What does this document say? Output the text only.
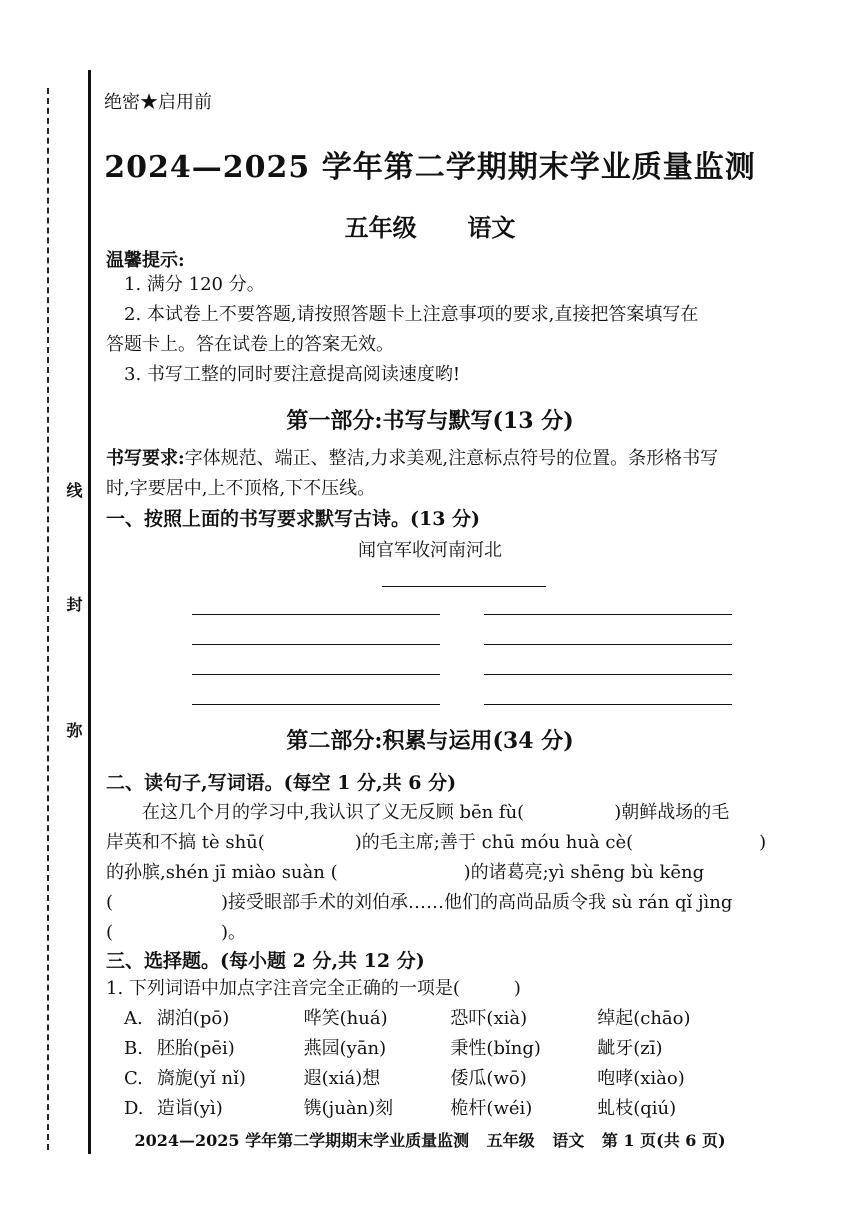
线
封
弥
绝密★启用前
2024—2025 学年第二学期期末学业质量监测
五年级 语文
温馨提示:
1. 满分 120 分。
2. 本试卷上不要答题,请按照答题卡上注意事项的要求,直接把答案填写在
答题卡上。答在试卷上的答案无效。
3. 书写工整的同时要注意提高阅读速度哟!
第一部分:书写与默写(13 分)
书写要求:字体规范、端正、整洁,力求美观,注意标点符号的位置。条形格书写
时,字要居中,上不顶格,下不压线。
一、按照上面的书写要求默写古诗。(13 分)
闻官军收河南河北
第二部分:积累与运用(34 分)
二、读句子,写词语。(每空 1 分,共 6 分)
在这几个月的学习中,我认识了义无反顾 bēn fù(　　　　　)朝鲜战场的毛
岸英和不搞 tè shū(　　　　　)的毛主席;善于 chū móu huà cè(　　　　　　　)
的孙膑,shén jī miào suàn (　　　　　　　)的诸葛亮;yì shēng bù kēng
(　　　　　　)接受眼部手术的刘伯承……他们的高尚品质令我 sù rán qǐ jìng
(　　　　　　)。
三、选择题。(每小题 2 分,共 12 分)
1. 下列词语中加点字注音完全正确的一项是(　　　)
A. 湖泊(pō)	哗笑(huá)	恐吓(xià)	绰起(chāo)
B. 胚胎(pēi)	燕园(yān)	秉性(bǐng)	龇牙(zī)
C. 旖旎(yǐ nǐ)	遐(xiá)想	倭瓜(wō)	咆哮(xiào)
D. 造诣(yì)	镌(juàn)刻	桅杆(wéi)	虬枝(qiú)
2024—2025 学年第二学期期末学业质量监测 五年级 语文 第 1 页(共 6 页)
